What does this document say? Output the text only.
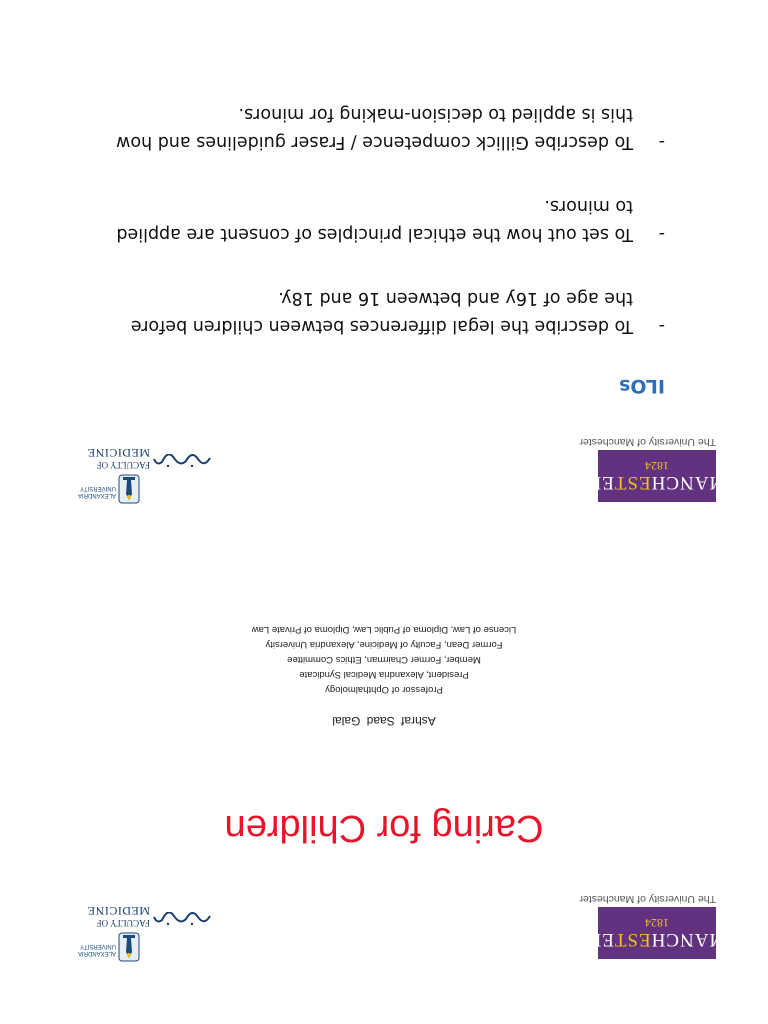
MANCHESTER
1824
The University of Manchester
ALEXANDRIA
UNIVERSITY
FACULTY OF
MEDICINE
Caring for Children
Ashraf Saad Galal
Professor of Ophthalmology
President, Alexandria Medical Syndicate
Member, Former Chairman, Ethics Committee
Former Dean, Faculty of Medicine, Alexandria University
License of Law, Diploma of Public Law, Diploma of Private Law
MANCHESTER
1824
The University of Manchester
ALEXANDRIA
UNIVERSITY
FACULTY OF
MEDICINE
ILOs
-
To describe the legal differences between children before the age of 16y and between 16 and 18y.
-
To set out how the ethical principles of consent are applied to minors.
-
To describe Gillick competence / Fraser guidelines and how this is applied to decision-making for minors.
